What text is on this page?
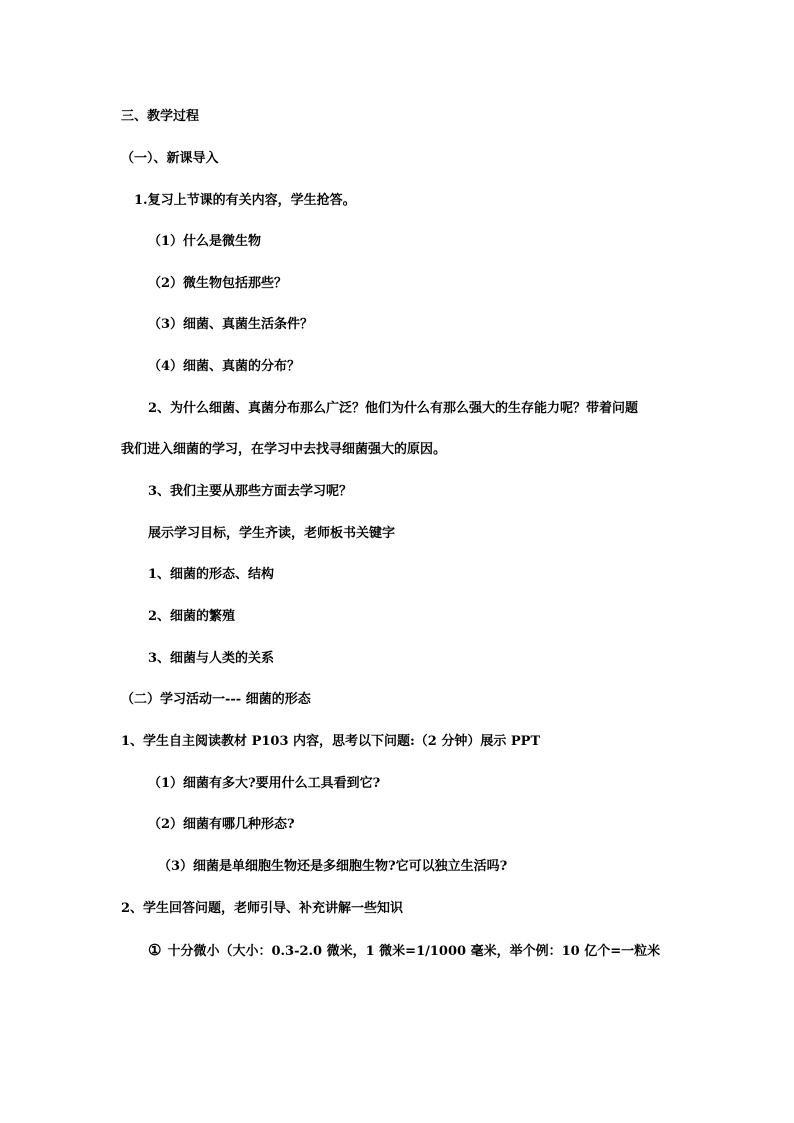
三、教学过程
（一）、新课导入
1.复习上节课的有关内容，学生抢答。
（1）什么是微生物
（2）微生物包括那些？
（3）细菌、真菌生活条件？
（4）细菌、真菌的分布？
2、为什么细菌、真菌分布那么广泛？他们为什么有那么强大的生存能力呢？带着问题
我们进入细菌的学习，在学习中去找寻细菌强大的原因。
3、我们主要从那些方面去学习呢？
展示学习目标，学生齐读，老师板书关键字
1、细菌的形态、结构
2、细菌的繁殖
3、细菌与人类的关系
（二）学习活动一--- 细菌的形态
1、学生自主阅读教材 P103 内容，思考以下问题:（2 分钟）展示 PPT
（1）细菌有多大?要用什么工具看到它?
（2）细菌有哪几种形态?
（3）细菌是单细胞生物还是多细胞生物?它可以独立生活吗?
2、学生回答问题，老师引导、补充讲解一些知识
① 十分微小（大小：0.3-2.0 微米，1 微米=1/1000 毫米，举个例：10 亿个=一粒米
